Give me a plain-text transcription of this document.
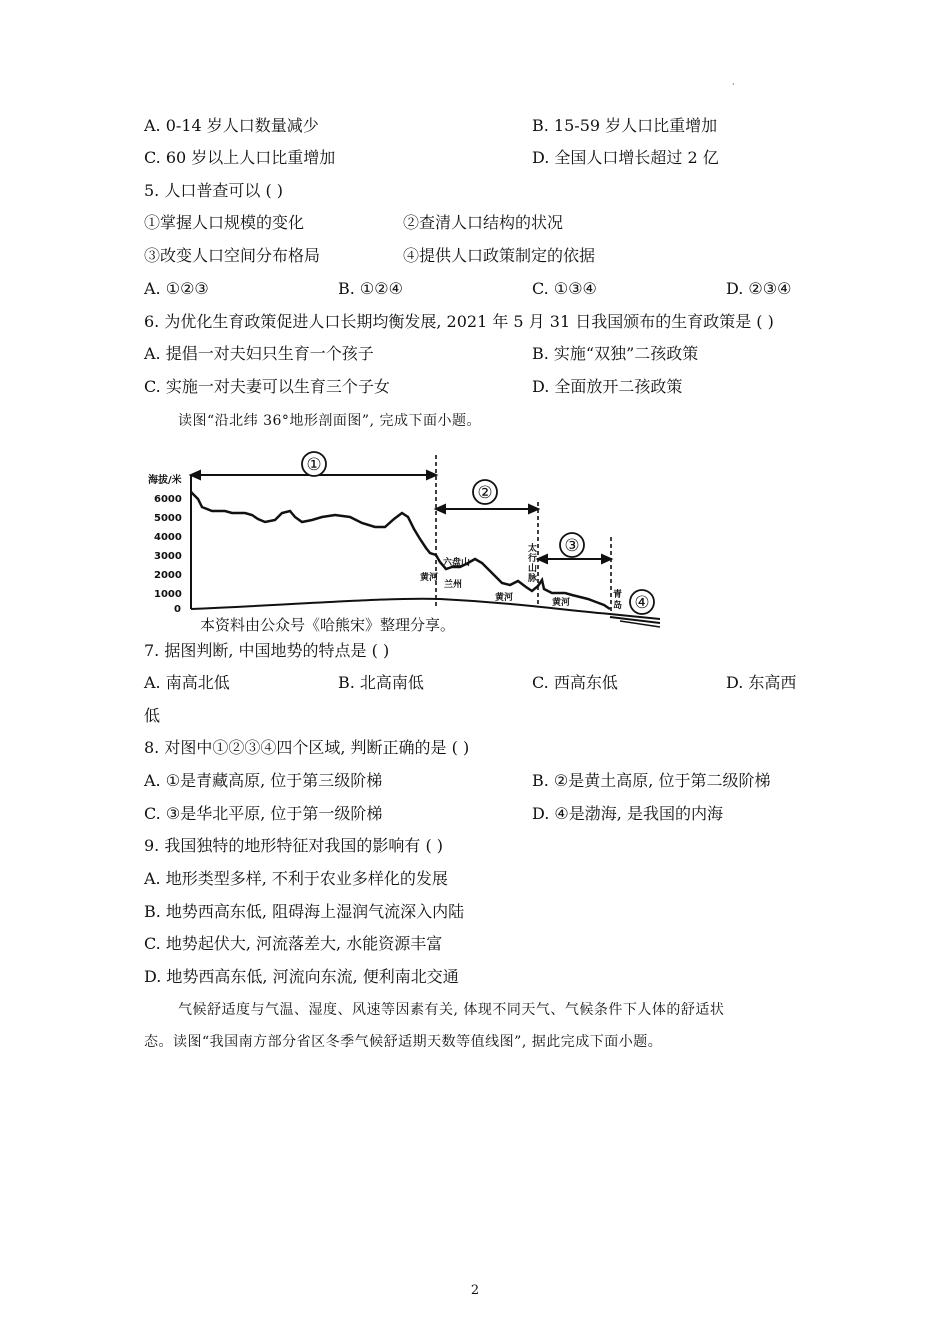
·
A. 0-14 岁人口数量减少	B. 15-59 岁人口比重增加
C. 60 岁以上人口比重增加	D. 全国人口增长超过 2 亿
5. 人口普查可以 ( )
①掌握人口规模的变化	②查清人口结构的状况
③改变人口空间分布格局	④提供人口政策制定的依据
A. ①②③	B. ①②④	C. ①③④	D. ②③④
6. 为优化生育政策促进人口长期均衡发展, 2021 年 5 月 31 日我国颁布的生育政策是 ( )
A. 提倡一对夫妇只生育一个孩子	B. 实施“双独”二孩政策
C. 实施一对夫妻可以生育三个子女	D. 全面放开二孩政策
读图“沿北纬 36°地形剖面图”, 完成下面小题。
海拔/米
6000
5000
4000
3000
2000
1000
0
①
②
③
④
六盘山
黄河
兰州
黄河	黄河
太
行
山
脉
青
岛
本资料由公众号《哈熊宋》整理分享。
7. 据图判断, 中国地势的特点是 ( )
A. 南高北低	B. 北高南低	C. 西高东低	D. 东高西
低
8. 对图中①②③④四个区域, 判断正确的是 ( )
A. ①是青藏高原, 位于第三级阶梯	B. ②是黄土高原, 位于第二级阶梯
C. ③是华北平原, 位于第一级阶梯	D. ④是渤海, 是我国的内海
9. 我国独特的地形特征对我国的影响有 ( )
A. 地形类型多样, 不利于农业多样化的发展
B. 地势西高东低, 阻碍海上湿润气流深入内陆
C. 地势起伏大, 河流落差大, 水能资源丰富
D. 地势西高东低, 河流向东流, 便利南北交通
气候舒适度与气温、湿度、风速等因素有关, 体现不同天气、气候条件下人体的舒适状
态。读图“我国南方部分省区冬季气候舒适期天数等值线图”, 据此完成下面小题。
2
